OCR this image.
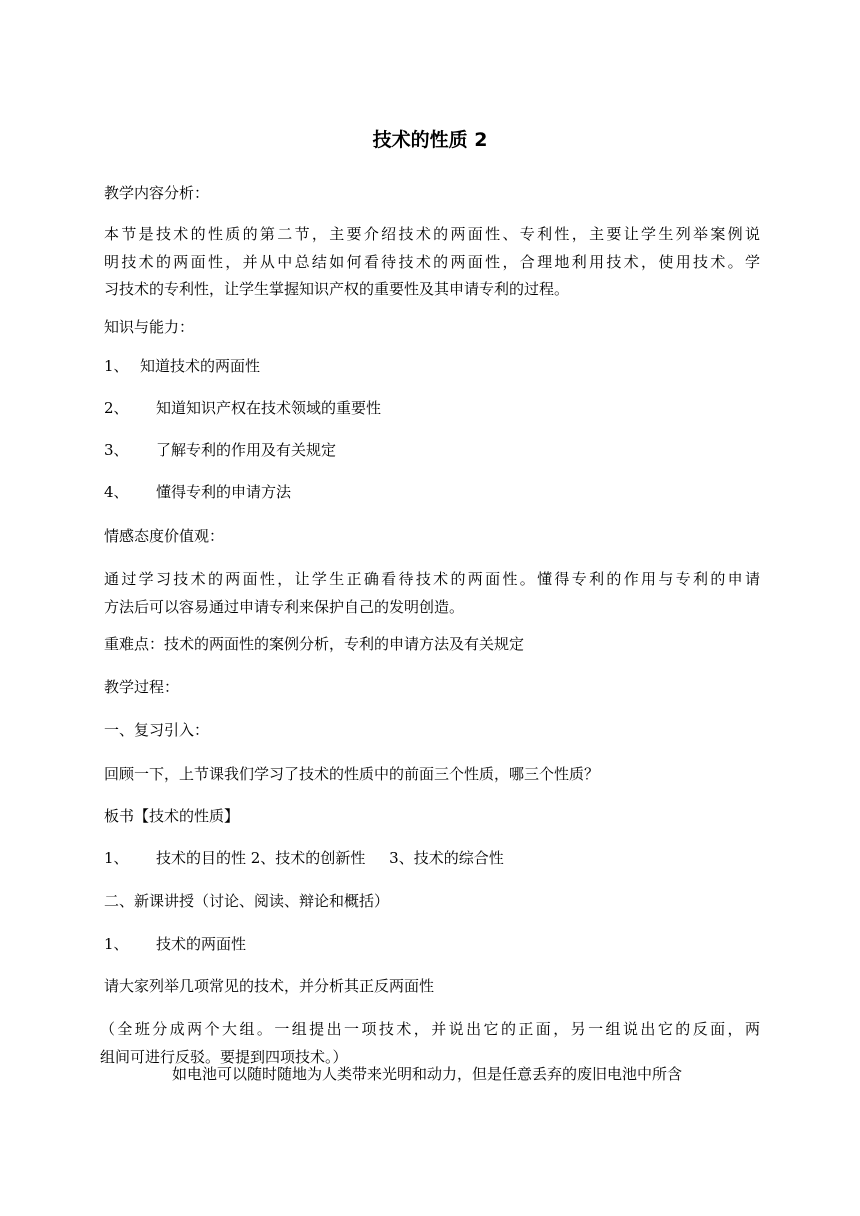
技术的性质 2

教学内容分析：

本节是技术的性质的第二节，主要介绍技术的两面性、专利性，主要让学生列举案例说
明技术的两面性，并从中总结如何看待技术的两面性，合理地利用技术，使用技术。学
习技术的专利性，让学生掌握知识产权的重要性及其申请专利的过程。

知识与能力：

1、 知道技术的两面性

2、 知道知识产权在技术领域的重要性

3、 了解专利的作用及有关规定

4、 懂得专利的申请方法

情感态度价值观：

通过学习技术的两面性，让学生正确看待技术的两面性。懂得专利的作用与专利的申请
方法后可以容易通过申请专利来保护自己的发明创造。

重难点：技术的两面性的案例分析，专利的申请方法及有关规定

教学过程：

一、复习引入：

回顾一下，上节课我们学习了技术的性质中的前面三个性质，哪三个性质？

板书【技术的性质】

1、 技术的目的性 2、技术的创新性     3、技术的综合性

二、新课讲授（讨论、阅读、辩论和概括）

1、 技术的两面性

请大家列举几项常见的技术，并分析其正反两面性

（全班分成两个大组。一组提出一项技术，并说出它的正面，另一组说出它的反面，两
组间可进行反驳。要提到四项技术。）

如电池可以随时随地为人类带来光明和动力，但是任意丢弃的废旧电池中所含
